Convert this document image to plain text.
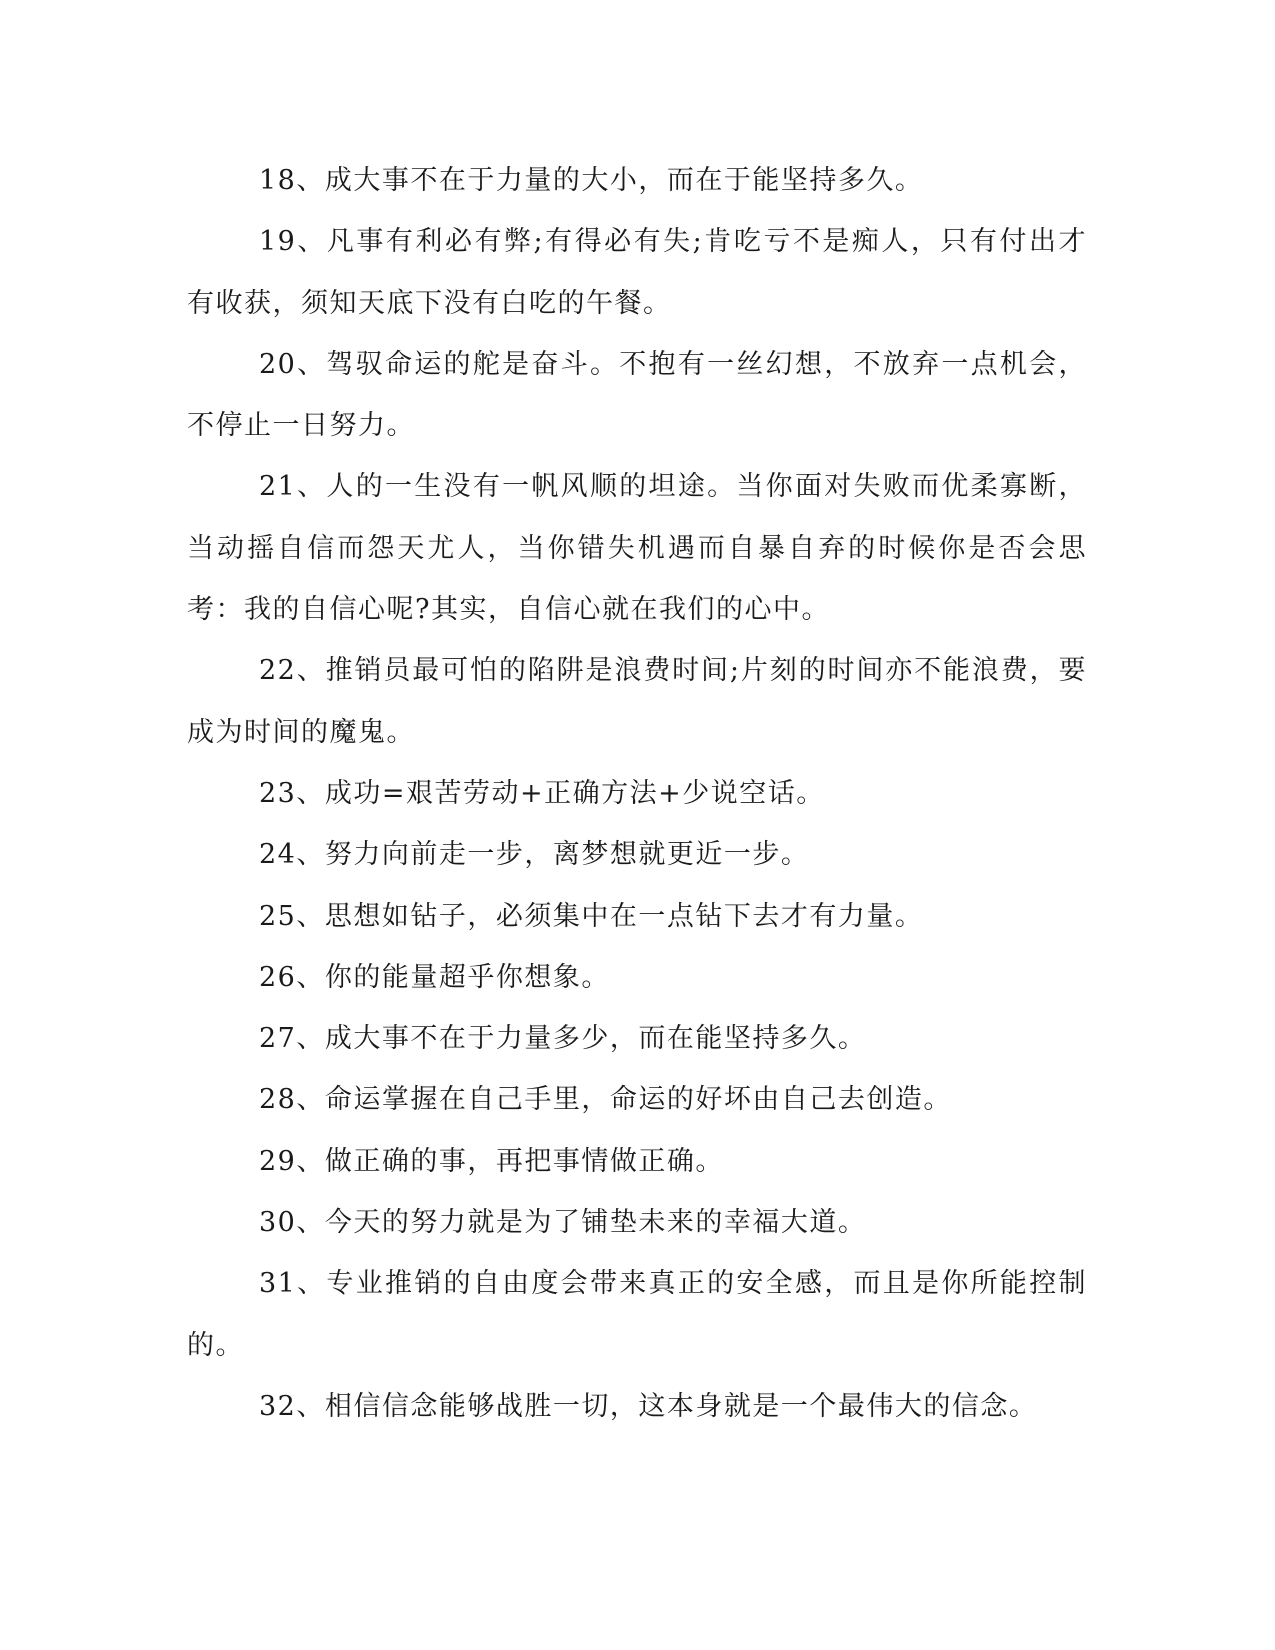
18、成大事不在于力量的大小，而在于能坚持多久。

19、凡事有利必有弊;有得必有失;肯吃亏不是痴人，只有付出才有收获，须知天底下没有白吃的午餐。

20、驾驭命运的舵是奋斗。不抱有一丝幻想，不放弃一点机会，不停止一日努力。

21、人的一生没有一帆风顺的坦途。当你面对失败而优柔寡断，当动摇自信而怨天尤人，当你错失机遇而自暴自弃的时候你是否会思考：我的自信心呢?其实，自信心就在我们的心中。

22、推销员最可怕的陷阱是浪费时间;片刻的时间亦不能浪费，要成为时间的魔鬼。

23、成功=艰苦劳动+正确方法+少说空话。

24、努力向前走一步，离梦想就更近一步。

25、思想如钻子，必须集中在一点钻下去才有力量。

26、你的能量超乎你想象。

27、成大事不在于力量多少，而在能坚持多久。

28、命运掌握在自己手里，命运的好坏由自己去创造。

29、做正确的事，再把事情做正确。

30、今天的努力就是为了铺垫未来的幸福大道。

31、专业推销的自由度会带来真正的安全感，而且是你所能控制的。

32、相信信念能够战胜一切，这本身就是一个最伟大的信念。
